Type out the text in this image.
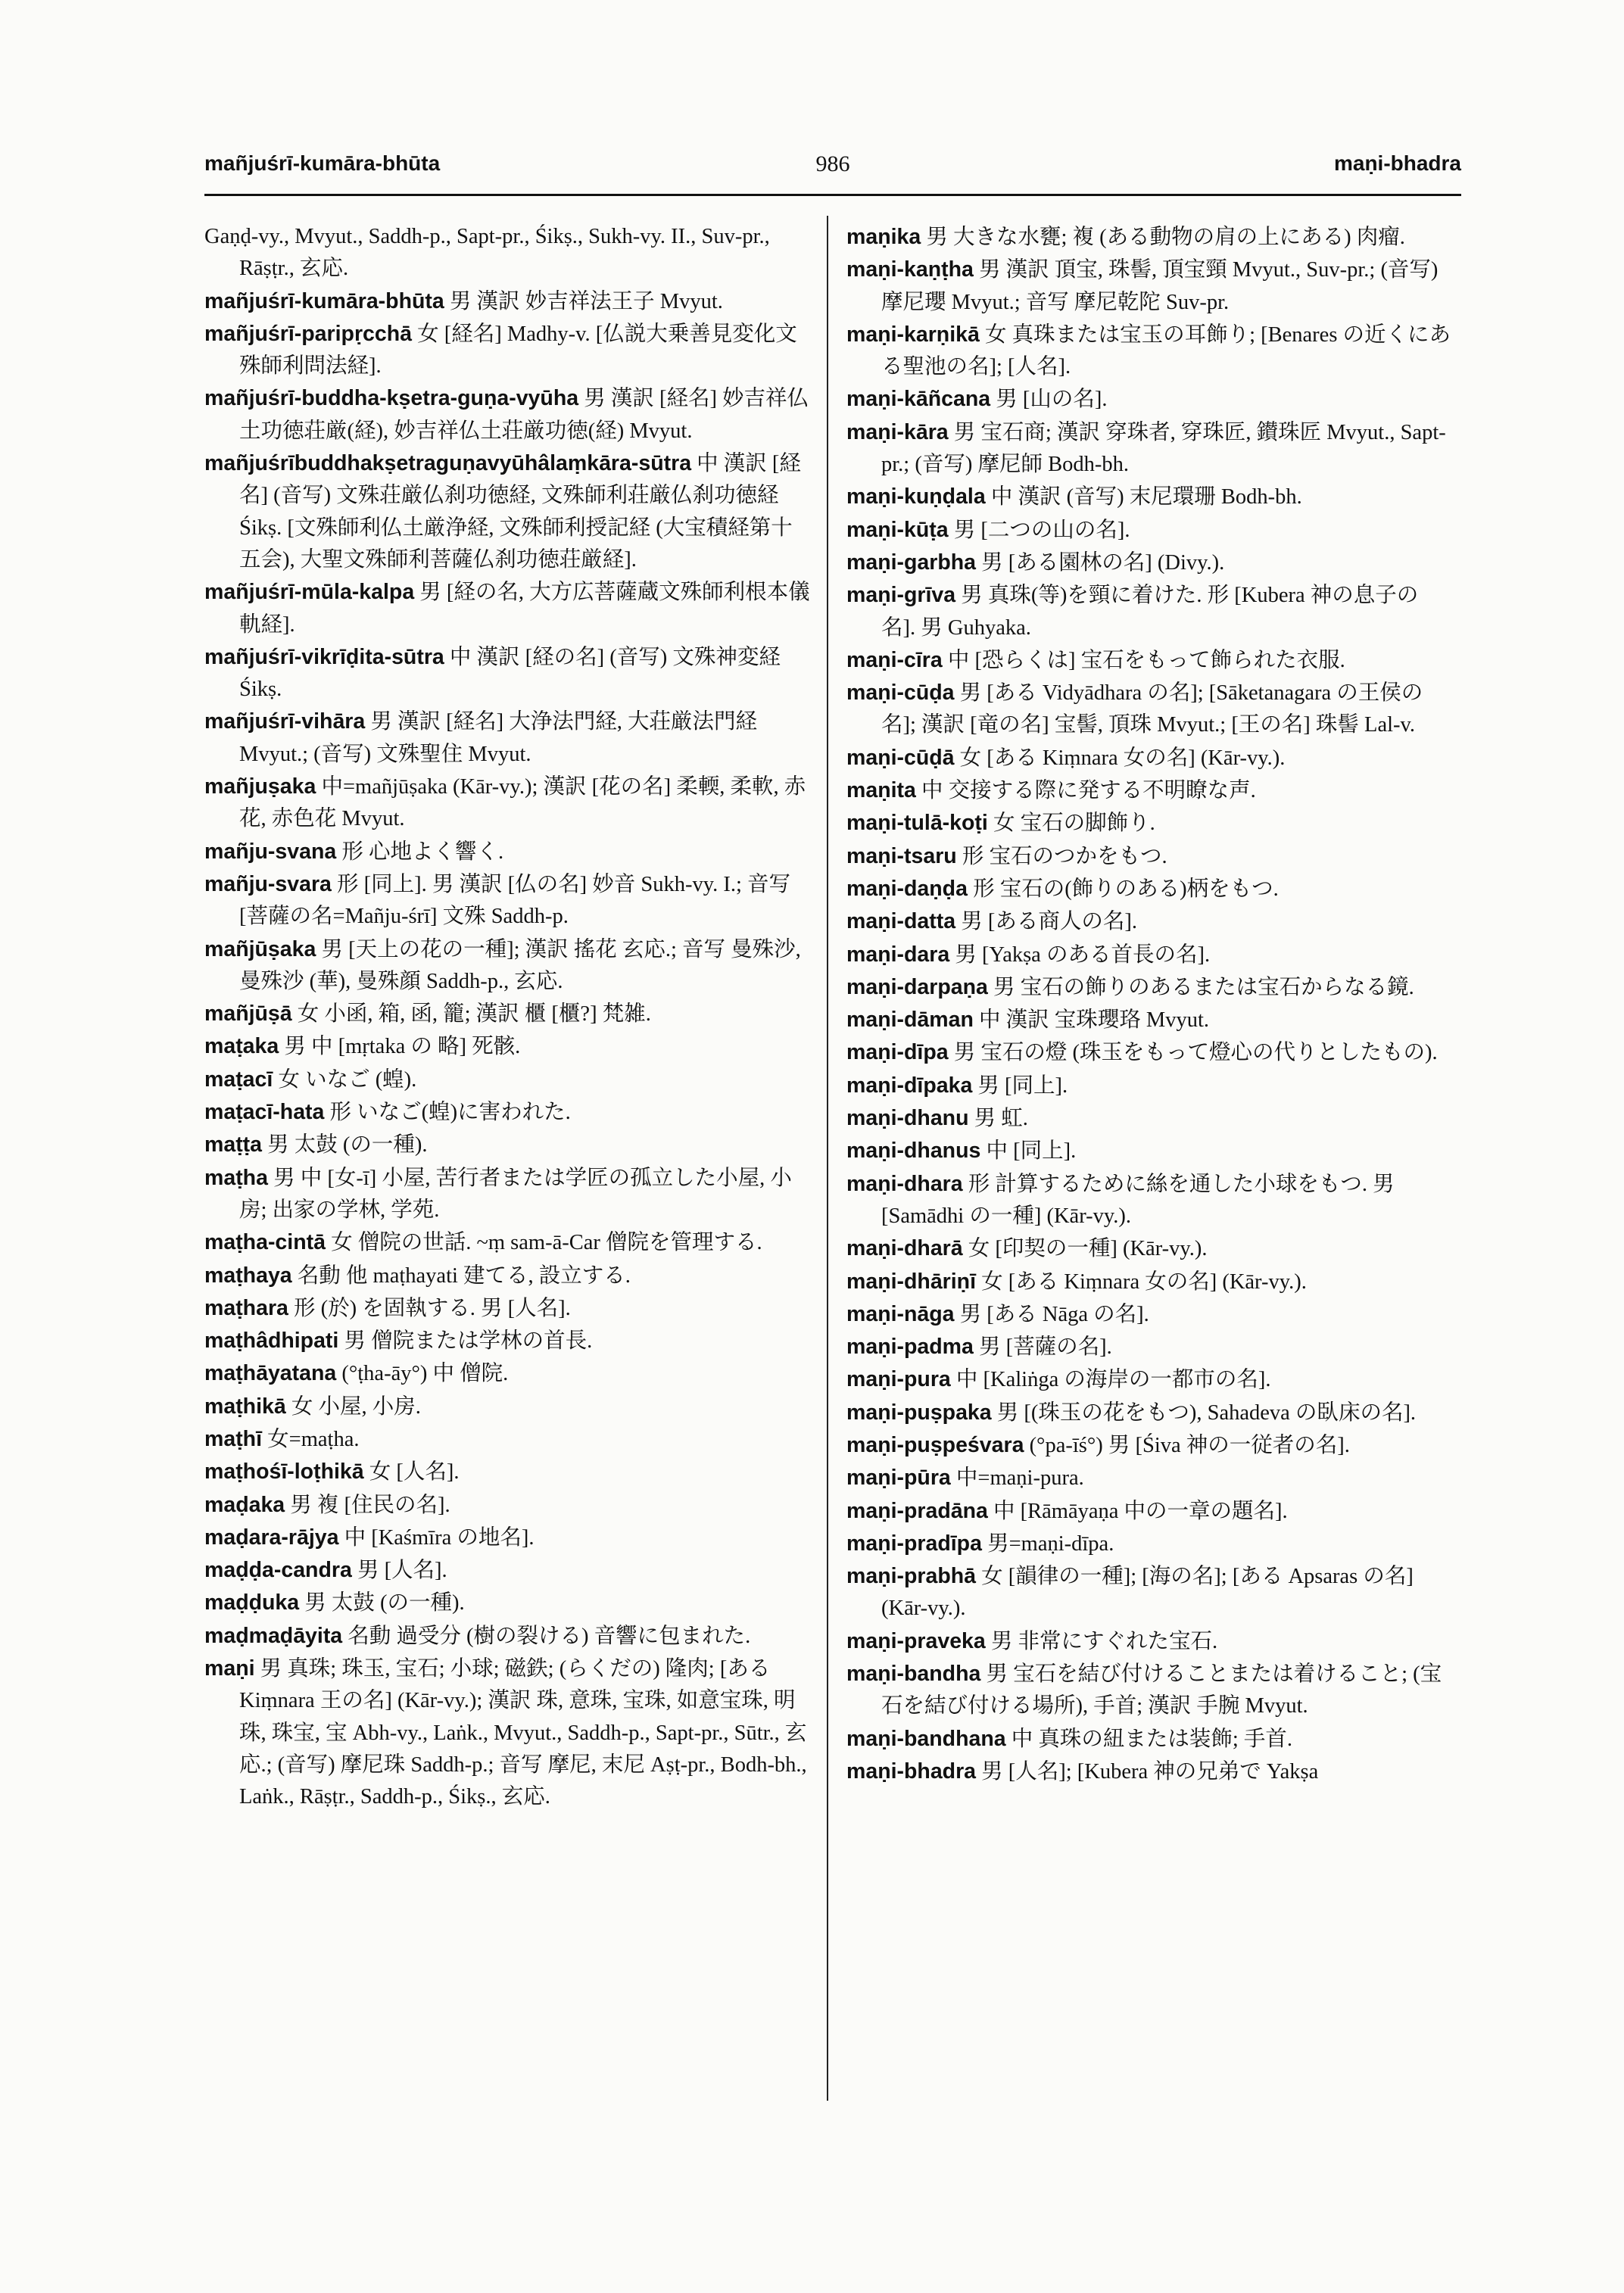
986
mañjuśrī-kumāra-bhūta	maṇi-bhadra

Gaṇḍ-vy., Mvyut., Saddh-p., Sapt-pr., Śikṣ., Sukh-vy. II., Suv-pr., Rāṣṭr., 玄応.

mañjuśrī-kumāra-bhūta 男 漢訳 妙吉祥法王子 Mvyut.

mañjuśrī-paripṛcchā 女 [経名] Madhy-v. [仏説大乗善見変化文殊師利問法経].

mañjuśrī-buddha-kṣetra-guṇa-vyūha 男 漢訳 [経名] 妙吉祥仏土功徳荘厳(経), 妙吉祥仏土荘厳功徳(経) Mvyut.

mañjuśrībuddhakṣetraguṇavyūhâlaṃkāra-sūtra 中 漢訳 [経名] (音写) 文殊荘厳仏刹功徳経, 文殊師利荘厳仏刹功徳経 Śikṣ. [文殊師利仏土厳浄経, 文殊師利授記経 (大宝積経第十五会), 大聖文殊師利菩薩仏刹功徳荘厳経].

mañjuśrī-mūla-kalpa 男 [経の名, 大方広菩薩蔵文殊師利根本儀軌経].

mañjuśrī-vikrīḍita-sūtra 中 漢訳 [経の名] (音写) 文殊神変経 Śikṣ.

mañjuśrī-vihāra 男 漢訳 [経名] 大浄法門経, 大荘厳法門経 Mvyut.; (音写) 文殊聖住 Mvyut.

mañjuṣaka 中=mañjūṣaka (Kār-vy.); 漢訳 [花の名] 柔輭, 柔軟, 赤花, 赤色花 Mvyut.

mañju-svana 形 心地よく響く.

mañju-svara 形 [同上]. 男 漢訳 [仏の名] 妙音 Sukh-vy. I.; 音写 [菩薩の名=Mañju-śrī] 文殊 Saddh-p.

mañjūṣaka 男 [天上の花の一種]; 漢訳 搖花 玄応.; 音写 曼殊沙, 曼殊沙 (華), 曼殊顔 Saddh-p., 玄応.

mañjūṣā 女 小函, 箱, 函, 籠; 漢訳 櫃 [櫃?] 梵雑.

maṭaka 男 中 [mṛtaka の 略] 死骸.

maṭacī 女 いなご (蝗).

maṭacī-hata 形 いなご(蝗)に害われた.

maṭṭa 男 太鼓 (の一種).

maṭha 男 中 [女-ī] 小屋, 苦行者または学匠の孤立した小屋, 小房; 出家の学林, 学苑.

maṭha-cintā 女 僧院の世話. ~ṃ sam-ā-Car 僧院を管理する.

maṭhaya 名動 他 maṭhayati 建てる, 設立する.

maṭhara 形 (於) を固執する. 男 [人名].

maṭhâdhipati 男 僧院または学林の首長.

maṭhāyatana (°ṭha-āy°) 中 僧院.

maṭhikā 女 小屋, 小房.

maṭhī 女=maṭha.

maṭhośī-loṭhikā 女 [人名].

maḍaka 男 複 [住民の名].

maḍara-rājya 中 [Kaśmīra の地名].

maḍḍa-candra 男 [人名].

maḍḍuka 男 太鼓 (の一種).

maḍmaḍāyita 名動 過受分 (樹の裂ける) 音響に包まれた.

maṇi 男 真珠; 珠玉, 宝石; 小球; 磁鉄; (らくだの) 隆肉; [ある Kiṃnara 王の名] (Kār-vy.); 漢訳 珠, 意珠, 宝珠, 如意宝珠, 明珠, 珠宝, 宝 Abh-vy., Laṅk., Mvyut., Saddh-p., Sapt-pr., Sūtr., 玄応.; (音写) 摩尼珠 Saddh-p.; 音写 摩尼, 末尼 Aṣṭ-pr., Bodh-bh., Laṅk., Rāṣṭr., Saddh-p., Śikṣ., 玄応.

maṇika 男 大きな水甕; 複 (ある動物の肩の上にある) 肉瘤.

maṇi-kaṇṭha 男 漢訳 頂宝, 珠髻, 頂宝頸 Mvyut., Suv-pr.; (音写) 摩尼瓔 Mvyut.; 音写 摩尼乾陀 Suv-pr.

maṇi-karṇikā 女 真珠または宝玉の耳飾り; [Benares の近くにある聖池の名]; [人名].

maṇi-kāñcana 男 [山の名].

maṇi-kāra 男 宝石商; 漢訳 穿珠者, 穿珠匠, 鑚珠匠 Mvyut., Sapt-pr.; (音写) 摩尼師 Bodh-bh.

maṇi-kuṇḍala 中 漢訳 (音写) 末尼環珊 Bodh-bh.

maṇi-kūṭa 男 [二つの山の名].

maṇi-garbha 男 [ある園林の名] (Divy.).

maṇi-grīva 男 真珠(等)を頸に着けた. 形 [Kubera 神の息子の名]. 男 Guhyaka.

maṇi-cīra 中 [恐らくは] 宝石をもって飾られた衣服.

maṇi-cūḍa 男 [ある Vidyādhara の名]; [Sāketanagara の王侯の名]; 漢訳 [竜の名] 宝髻, 頂珠 Mvyut.; [王の名] 珠髻 Lal-v.

maṇi-cūḍā 女 [ある Kiṃnara 女の名] (Kār-vy.).

maṇita 中 交接する際に発する不明瞭な声.

maṇi-tulā-koṭi 女 宝石の脚飾り.

maṇi-tsaru 形 宝石のつかをもつ.

maṇi-daṇḍa 形 宝石の(飾りのある)柄をもつ.

maṇi-datta 男 [ある商人の名].

maṇi-dara 男 [Yakṣa のある首長の名].

maṇi-darpaṇa 男 宝石の飾りのあるまたは宝石からなる鏡.

maṇi-dāman 中 漢訳 宝珠瓔珞 Mvyut.

maṇi-dīpa 男 宝石の燈 (珠玉をもって燈心の代りとしたもの).

maṇi-dīpaka 男 [同上].

maṇi-dhanu 男 虹.

maṇi-dhanus 中 [同上].

maṇi-dhara 形 計算するために絲を通した小球をもつ. 男 [Samādhi の一種] (Kār-vy.).

maṇi-dharā 女 [印契の一種] (Kār-vy.).

maṇi-dhāriṇī 女 [ある Kiṃnara 女の名] (Kār-vy.).

maṇi-nāga 男 [ある Nāga の名].

maṇi-padma 男 [菩薩の名].

maṇi-pura 中 [Kaliṅga の海岸の一都市の名].

maṇi-puṣpaka 男 [(珠玉の花をもつ), Sahadeva の臥床の名].

maṇi-puṣpeśvara (°pa-īś°) 男 [Śiva 神の一従者の名].

maṇi-pūra 中=maṇi-pura.

maṇi-pradāna 中 [Rāmāyaṇa 中の一章の題名].

maṇi-pradīpa 男=maṇi-dīpa.

maṇi-prabhā 女 [韻律の一種]; [海の名]; [ある Apsaras の名] (Kār-vy.).

maṇi-praveka 男 非常にすぐれた宝石.

maṇi-bandha 男 宝石を結び付けることまたは着けること; (宝石を結び付ける場所), 手首; 漢訳 手腕 Mvyut.

maṇi-bandhana 中 真珠の紐または装飾; 手首.

maṇi-bhadra 男 [人名]; [Kubera 神の兄弟で Yakṣa
